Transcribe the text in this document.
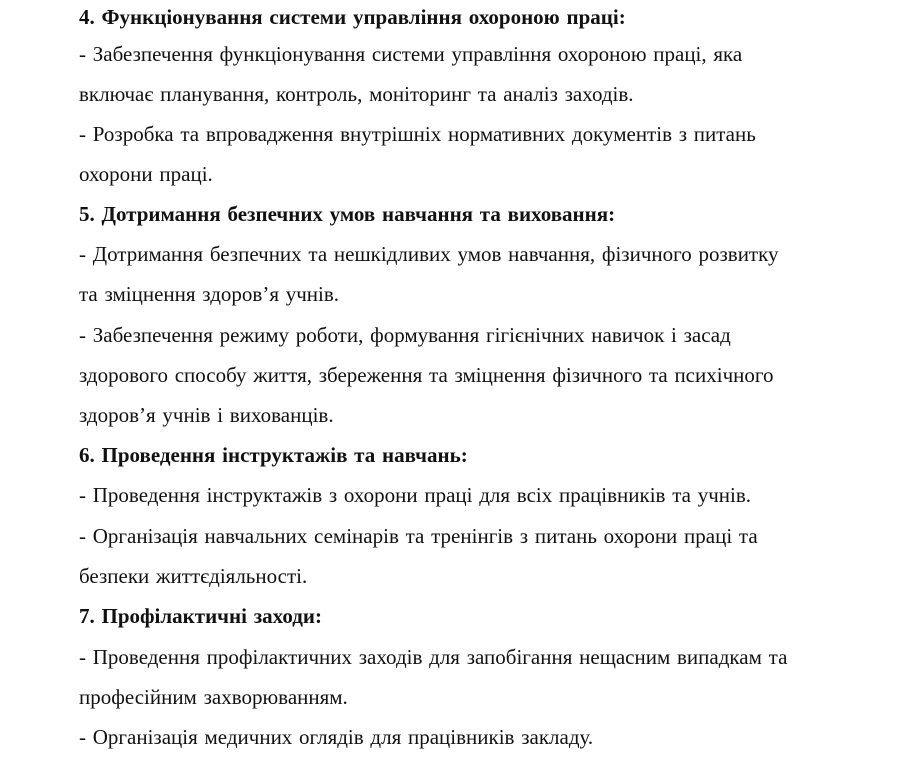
4. Функціонування системи управління охороною праці:
- Забезпечення функціонування системи управління охороною праці, яка
включає планування, контроль, моніторинг та аналіз заходів.
- Розробка та впровадження внутрішніх нормативних документів з питань
охорони праці.
5. Дотримання безпечних умов навчання та виховання:
- Дотримання безпечних та нешкідливих умов навчання, фізичного розвитку
та зміцнення здоров’я учнів.
- Забезпечення режиму роботи, формування гігієнічних навичок і засад
здорового способу життя, збереження та зміцнення фізичного та психічного
здоров’я учнів і вихованців.
6. Проведення інструктажів та навчань:
- Проведення інструктажів з охорони праці для всіх працівників та учнів.
- Організація навчальних семінарів та тренінгів з питань охорони праці та
безпеки життєдіяльності.
7. Профілактичні заходи:
- Проведення профілактичних заходів для запобігання нещасним випадкам та
професійним захворюванням.
- Організація медичних оглядів для працівників закладу.
